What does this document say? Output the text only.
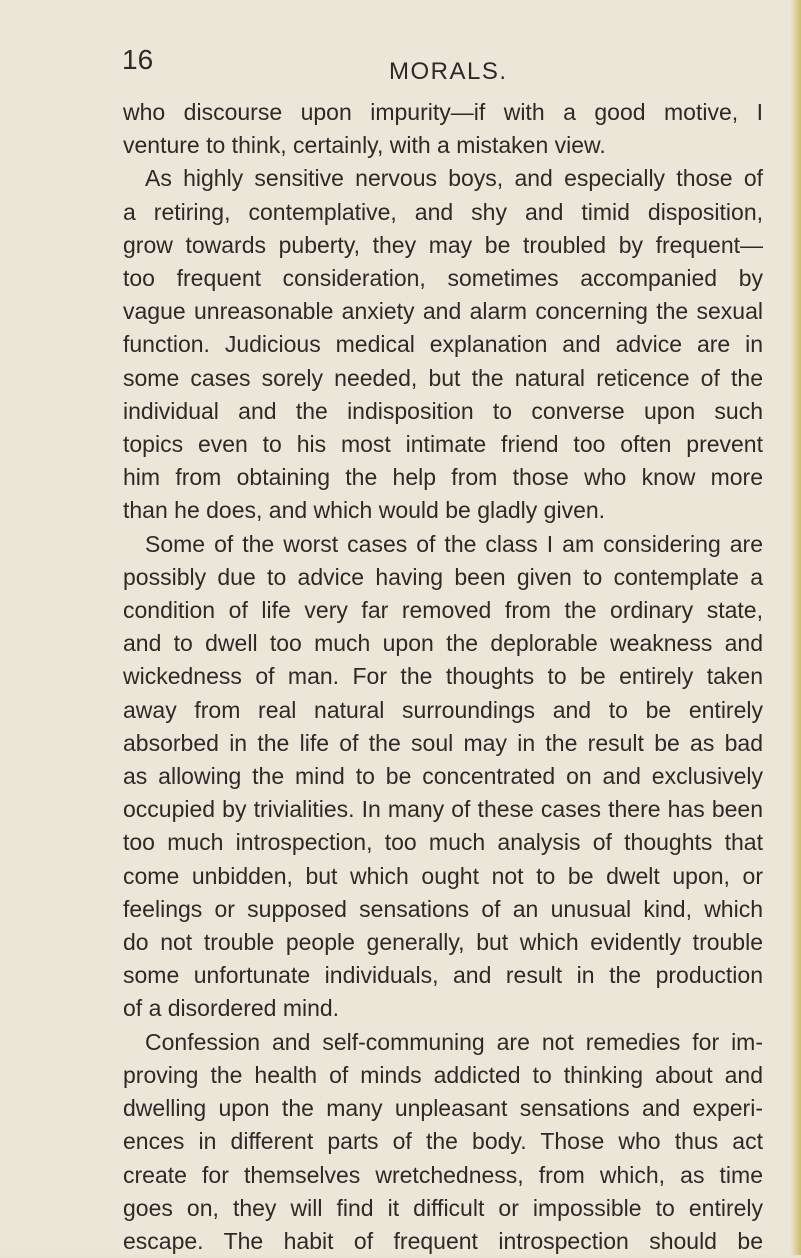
16	MORALS.
who discourse upon impurity—if with a good motive, I
venture to think, certainly, with a mistaken view.
As highly sensitive nervous boys, and especially those of
a retiring, contemplative, and shy and timid disposition,
grow towards puberty, they may be troubled by frequent—
too frequent consideration, sometimes accompanied by
vague unreasonable anxiety and alarm concerning the sexual
function. Judicious medical explanation and advice are in
some cases sorely needed, but the natural reticence of the
individual and the indisposition to converse upon such
topics even to his most intimate friend too often prevent
him from obtaining the help from those who know more
than he does, and which would be gladly given.
Some of the worst cases of the class I am considering are
possibly due to advice having been given to contemplate a
condition of life very far removed from the ordinary state,
and to dwell too much upon the deplorable weakness and
wickedness of man. For the thoughts to be entirely taken
away from real natural surroundings and to be entirely
absorbed in the life of the soul may in the result be as bad
as allowing the mind to be concentrated on and exclusively
occupied by trivialities. In many of these cases there has been
too much introspection, too much analysis of thoughts that
come unbidden, but which ought not to be dwelt upon, or
feelings or supposed sensations of an unusual kind, which
do not trouble people generally, but which evidently trouble
some unfortunate individuals, and result in the production
of a disordered mind.
Confession and self-communing are not remedies for im-
proving the health of minds addicted to thinking about and
dwelling upon the many unpleasant sensations and experi-
ences in different parts of the body. Those who thus act
create for themselves wretchedness, from which, as time
goes on, they will find it difficult or impossible to entirely
escape. The habit of frequent introspection should be
